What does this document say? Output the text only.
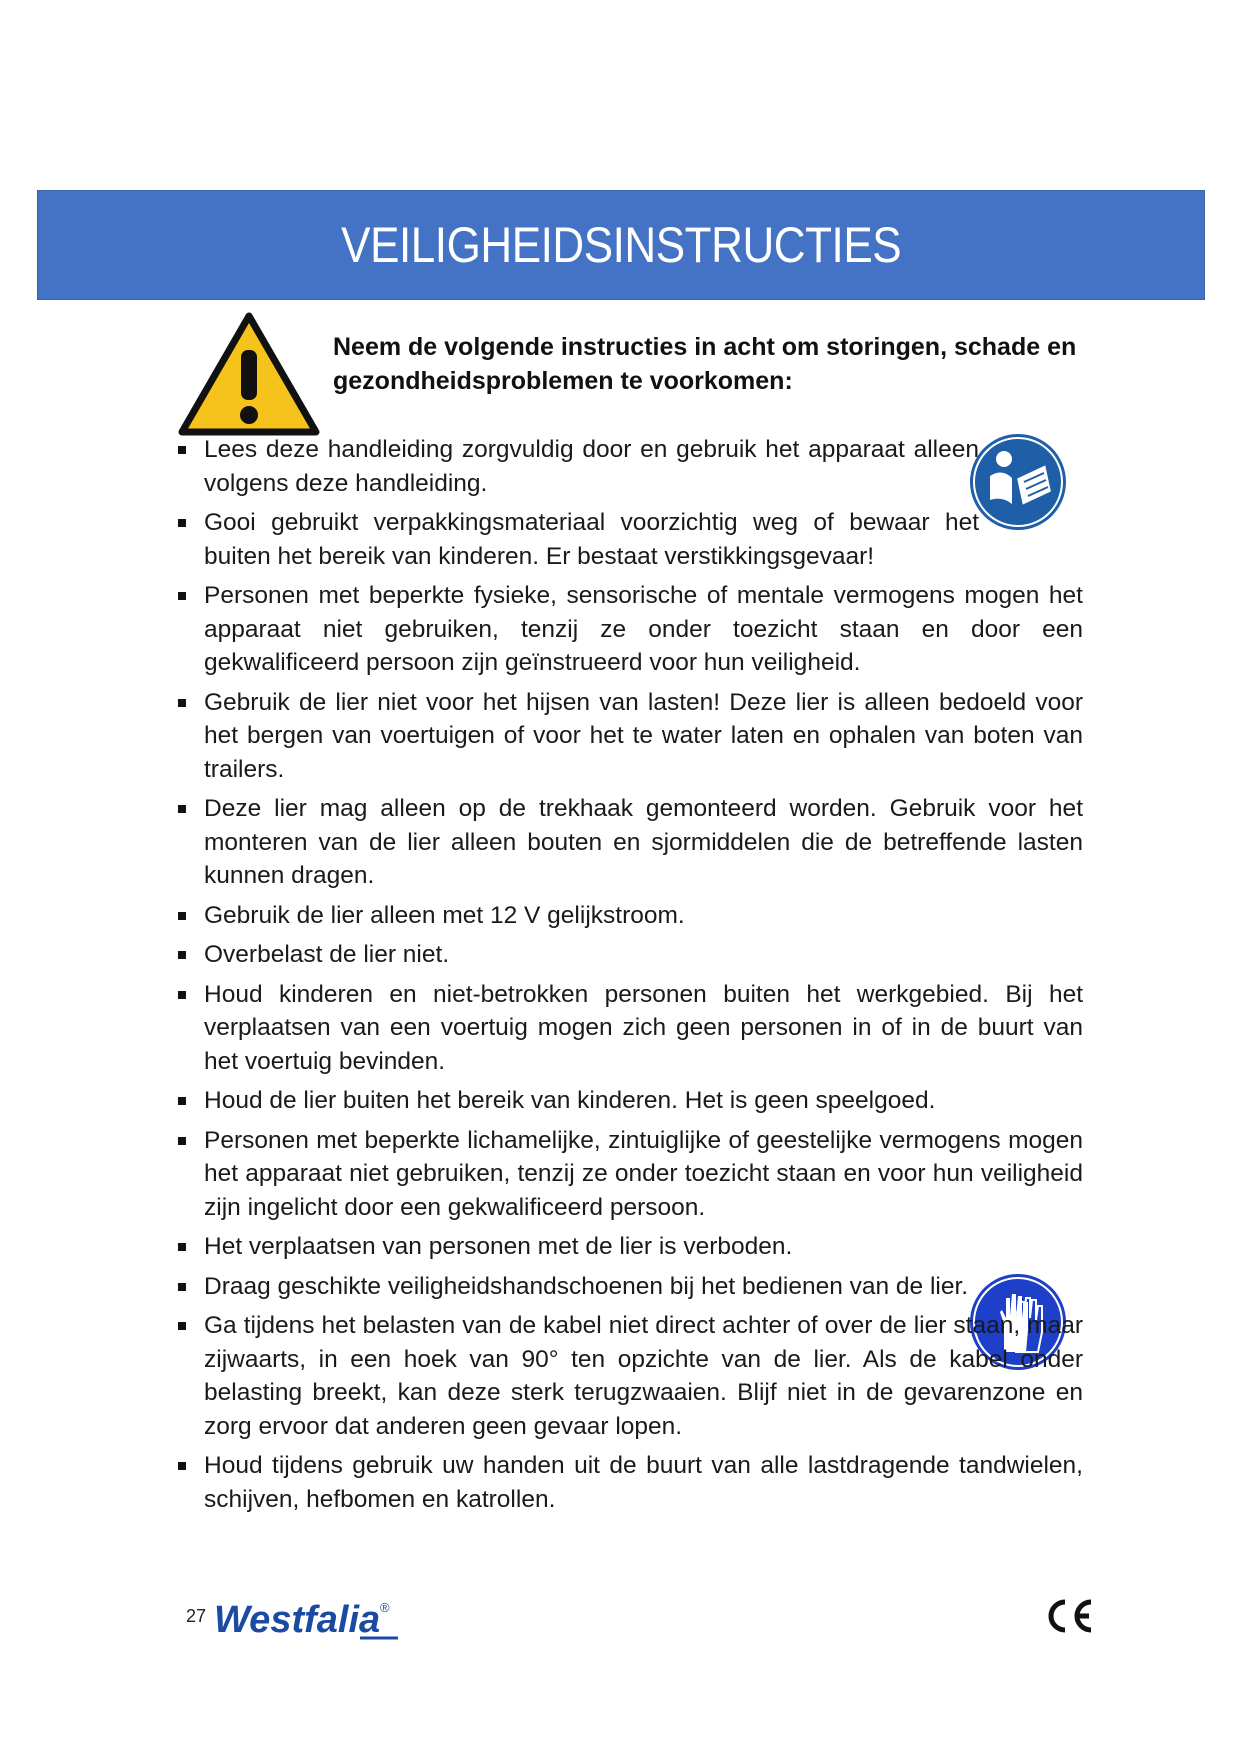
VEILIGHEIDSINSTRUCTIES
Neem de volgende instructies in acht om storingen, schade en gezondheidsproblemen te voorkomen:
Lees deze handleiding zorgvuldig door en gebruik het apparaat alleen volgens deze handleiding.
Gooi gebruikt verpakkingsmateriaal voorzichtig weg of bewaar het buiten het bereik van kinderen. Er bestaat verstikkingsgevaar!
Personen met beperkte fysieke, sensorische of mentale vermogens mogen het apparaat niet gebruiken, tenzij ze onder toezicht staan en door een gekwalificeerd persoon zijn geïnstrueerd voor hun veiligheid.
Gebruik de lier niet voor het hijsen van lasten! Deze lier is alleen bedoeld voor het bergen van voertuigen of voor het te water laten en ophalen van boten van trailers.
Deze lier mag alleen op de trekhaak gemonteerd worden. Gebruik voor het monteren van de lier alleen bouten en sjormiddelen die de betreffende lasten kunnen dragen.
Gebruik de lier alleen met 12 V gelijkstroom.
Overbelast de lier niet.
Houd kinderen en niet-betrokken personen buiten het werkgebied. Bij het verplaatsen van een voertuig mogen zich geen personen in of in de buurt van het voertuig bevinden.
Houd de lier buiten het bereik van kinderen. Het is geen speelgoed.
Personen met beperkte lichamelijke, zintuiglijke of geestelijke vermogens mogen het apparaat niet gebruiken, tenzij ze onder toezicht staan en voor hun veiligheid zijn ingelicht door een gekwalificeerd persoon.
Het verplaatsen van personen met de lier is verboden.
Draag geschikte veiligheidshandschoenen bij het bedienen van de lier.
Ga tijdens het belasten van de kabel niet direct achter of over de lier staan, maar zijwaarts, in een hoek van 90° ten opzichte van de lier. Als de kabel onder belasting breekt, kan deze sterk terugzwaaien. Blijf niet in de gevarenzone en zorg ervoor dat anderen geen gevaar lopen.
Houd tijdens gebruik uw handen uit de buurt van alle lastdragende tandwielen, schijven, hefbomen en katrollen.
27 Westfalia ®
